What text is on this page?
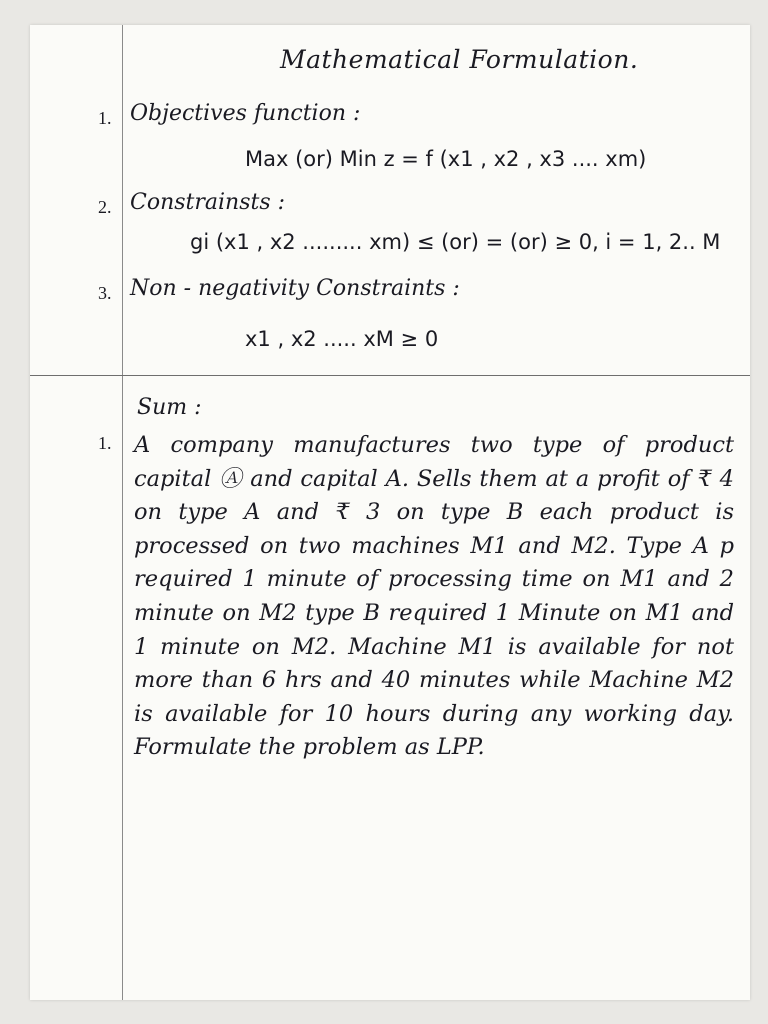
Mathematical Formulation.
1. Objectives function :
Max (or) Min z = f (x1 , x2 , x3 .... xm)
2. Constrainsts :
gi (x1 , x2 ......... xm) ≤ (or) = (or) ≥ 0, i = 1, 2.. M
3. Non - negativity Constraints :
x1 , x2 ..... xM ≥ 0
Sum :
1. A company manufactures two type of product capital Ⓐ and capital A. Sells them at a profit of ₹ 4 on type A and ₹ 3 on type B each product is processed on two machines M1 and M2. Type A p required 1 minute of processing time on M1 and 2 minute on M2 type B required 1 Minute on M1 and 1 minute on M2. Machine M1 is available for not more than 6 hrs and 40 minutes while Machine M2 is available for 10 hours during any working day. Formulate the problem as LPP.
